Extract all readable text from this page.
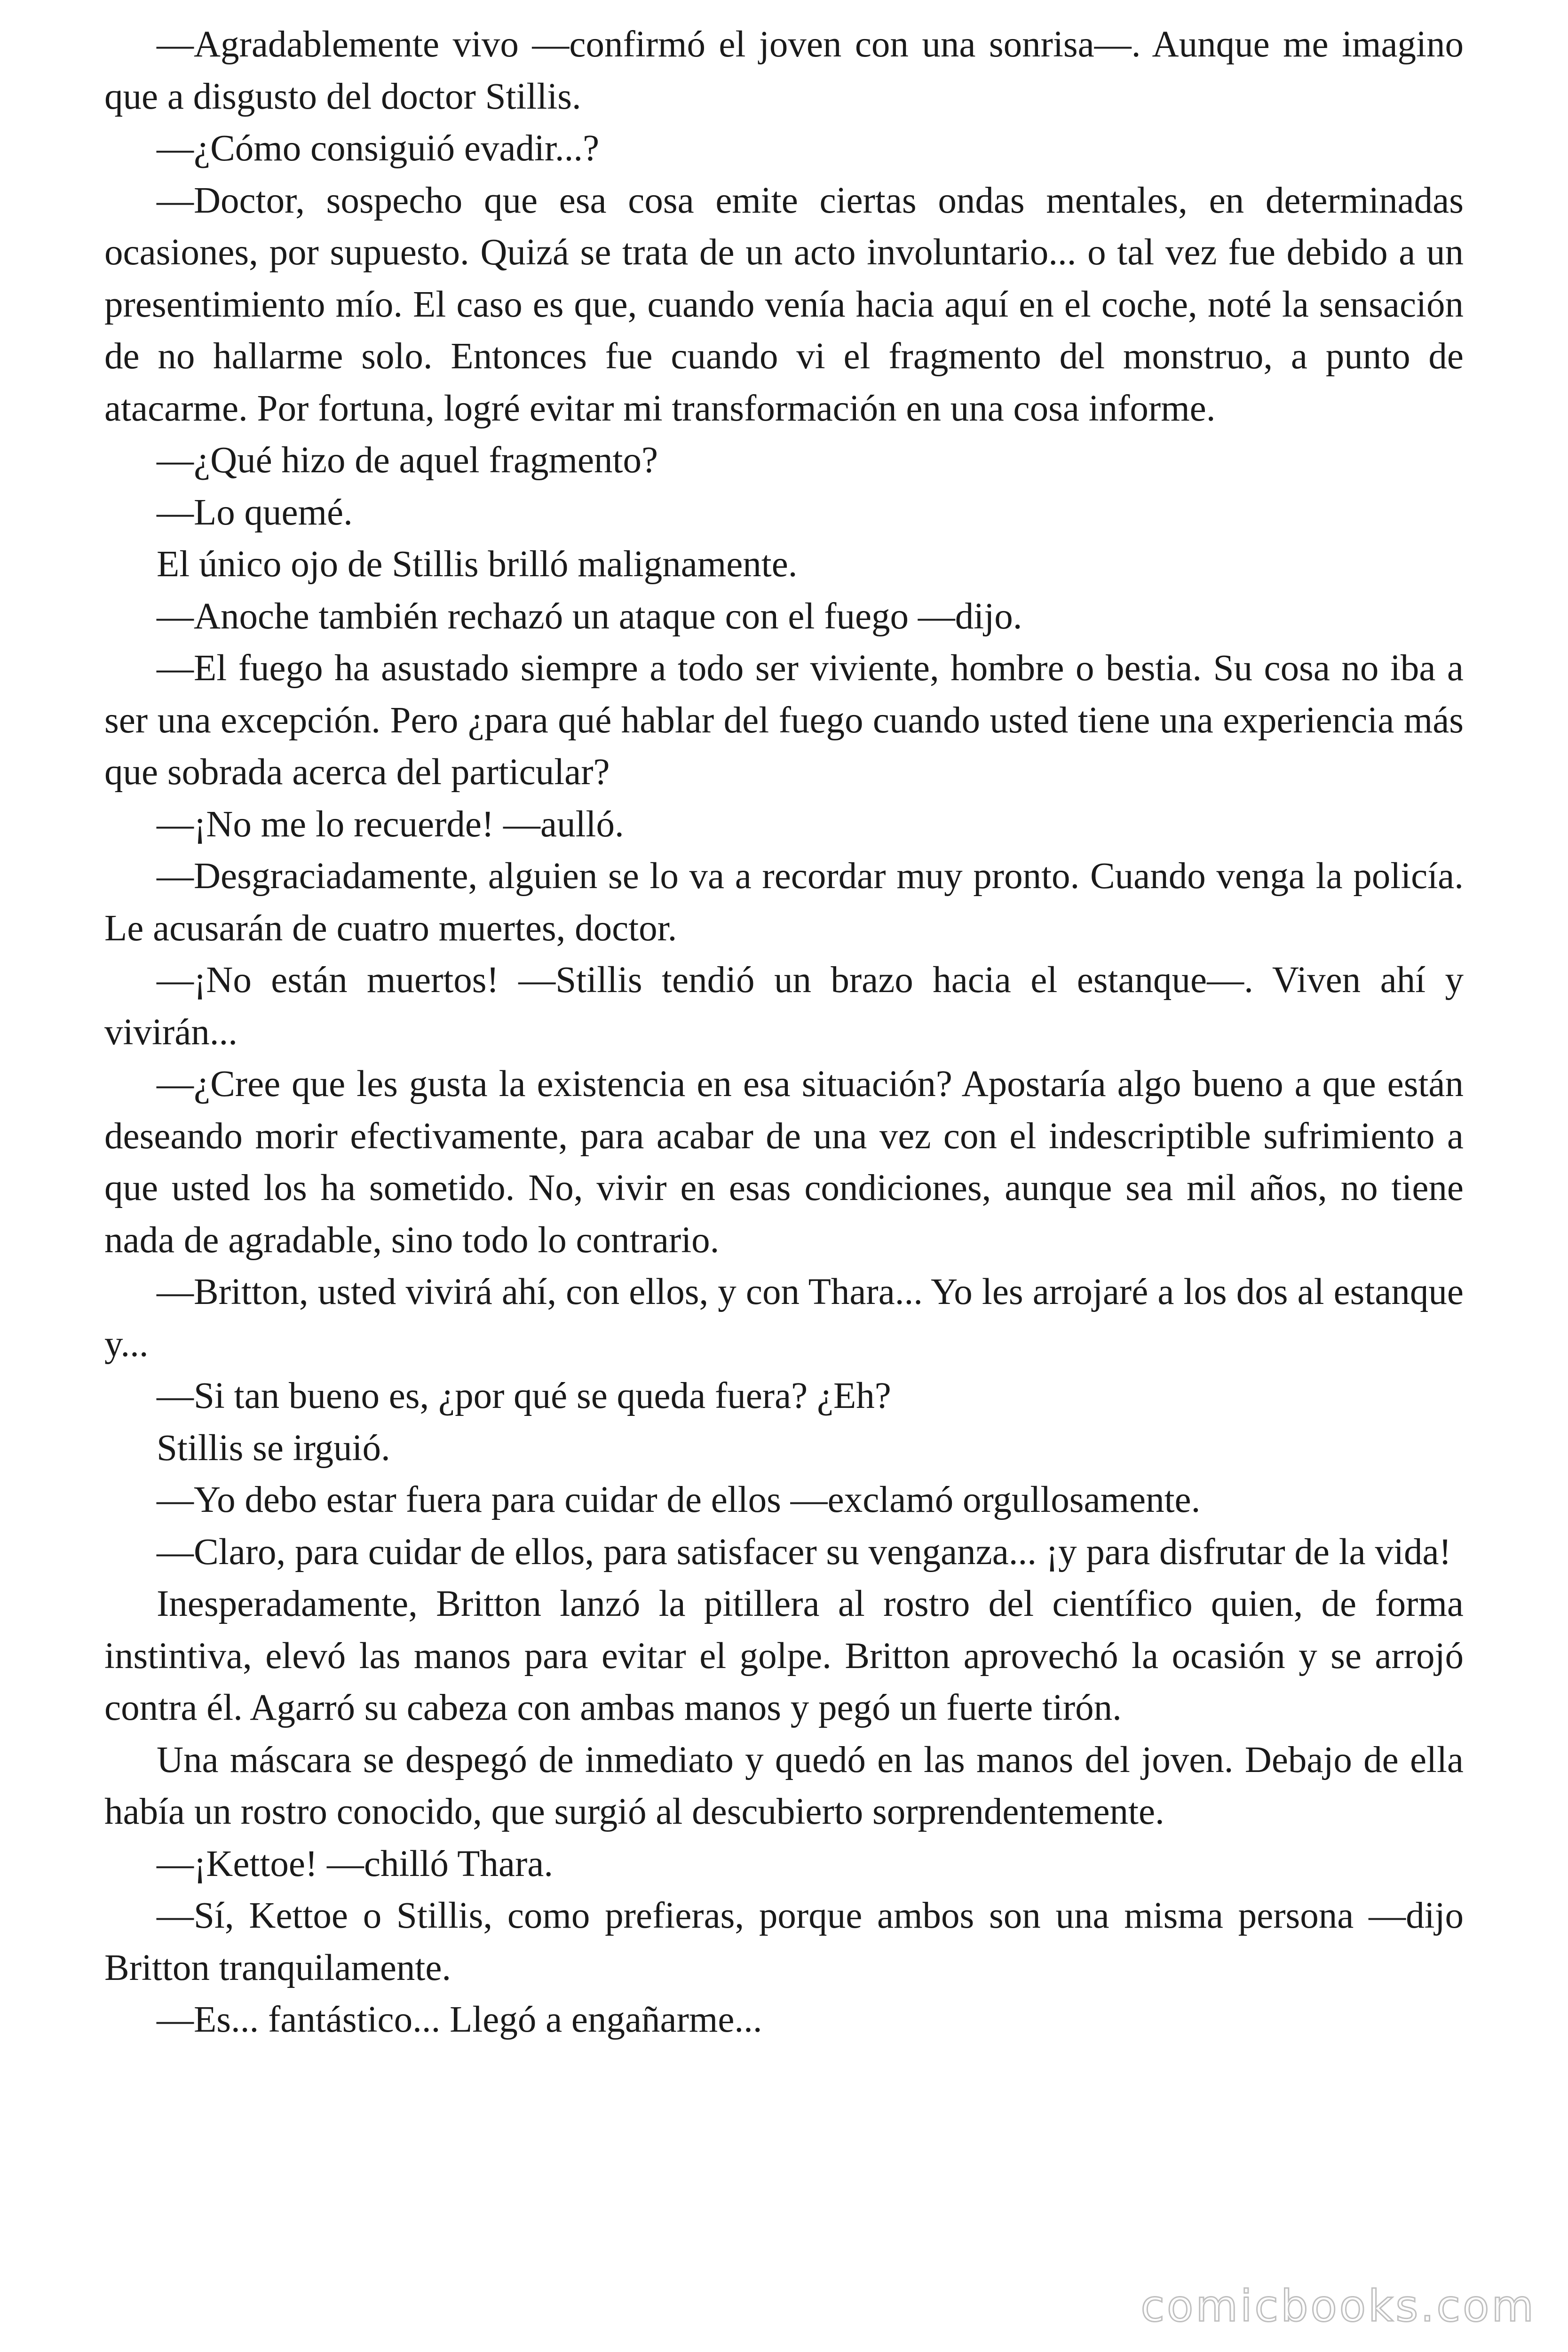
—Agradablemente vivo —confirmó el joven con una sonrisa—. Aunque me imagino que a disgusto del doctor Stillis.

—¿Cómo consiguió evadir...?

—Doctor, sospecho que esa cosa emite ciertas ondas mentales, en determinadas ocasiones, por supuesto. Quizá se trata de un acto involuntario... o tal vez fue debido a un presentimiento mío. El caso es que, cuando venía hacia aquí en el coche, noté la sensación de no hallarme solo. Entonces fue cuando vi el fragmento del monstruo, a punto de atacarme. Por fortuna, logré evitar mi transformación en una cosa informe.

—¿Qué hizo de aquel fragmento?

—Lo quemé.

El único ojo de Stillis brilló malignamente.

—Anoche también rechazó un ataque con el fuego —dijo.

—El fuego ha asustado siempre a todo ser viviente, hombre o bestia. Su cosa no iba a ser una excepción. Pero ¿para qué hablar del fuego cuando usted tiene una experiencia más que sobrada acerca del particular?

—¡No me lo recuerde! —aulló.

—Desgraciadamente, alguien se lo va a recordar muy pronto. Cuando venga la policía. Le acusarán de cuatro muertes, doctor.

—¡No están muertos! —Stillis tendió un brazo hacia el estanque—. Viven ahí y vivirán...

—¿Cree que les gusta la existencia en esa situación? Apostaría algo bueno a que están deseando morir efectivamente, para acabar de una vez con el indescriptible sufrimiento a que usted los ha sometido. No, vivir en esas condiciones, aunque sea mil años, no tiene nada de agradable, sino todo lo contrario.

—Britton, usted vivirá ahí, con ellos, y con Thara... Yo les arrojaré a los dos al estanque y...

—Si tan bueno es, ¿por qué se queda fuera? ¿Eh?

Stillis se irguió.

—Yo debo estar fuera para cuidar de ellos —exclamó orgullosamente.

—Claro, para cuidar de ellos, para satisfacer su venganza... ¡y para disfrutar de la vida!

Inesperadamente, Britton lanzó la pitillera al rostro del científico quien, de forma instintiva, elevó las manos para evitar el golpe. Britton aprovechó la ocasión y se arrojó contra él. Agarró su cabeza con ambas manos y pegó un fuerte tirón.

Una máscara se despegó de inmediato y quedó en las manos del joven. Debajo de ella había un rostro conocido, que surgió al descubierto sorprendentemente.

—¡Kettoe! —chilló Thara.

—Sí, Kettoe o Stillis, como prefieras, porque ambos son una misma persona —dijo Britton tranquilamente.

—Es... fantástico... Llegó a engañarme...

comicbooks.com
